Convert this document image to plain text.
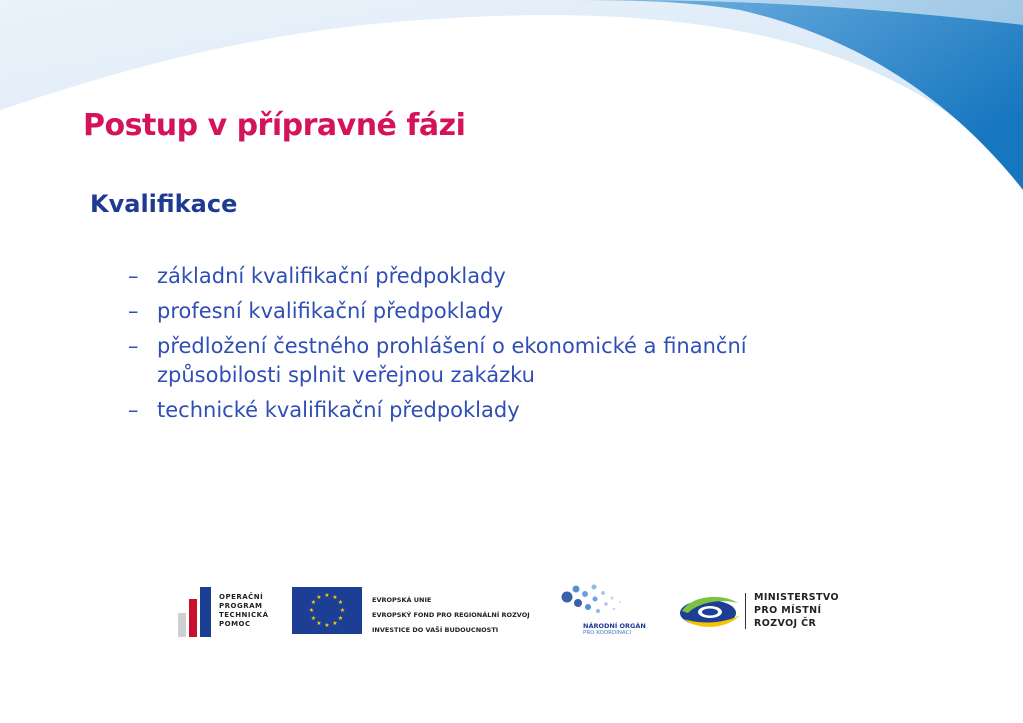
Postup v přípravné fázi
Kvalifikace
– základní kvalifikační předpoklady
– profesní kvalifikační předpoklady
– předložení čestného prohlášení o ekonomické a finanční způsobilosti splnit veřejnou zakázku
– technické kvalifikační předpoklady
OPERAČNÍ
PROGRAM
TECHNICKÁ
POMOC
★ ★
★
★
★
★
★
★
★
★
★
★	EVROPSKÁ UNIE
EVROPSKÝ FOND PRO REGIONÁLNÍ ROZVOJ
INVESTICE DO VAŠÍ BUDOUCNOSTI	NÁRODNÍ ORGÁN
PRO KOORDINACI
MINISTERSTVO
PRO MÍSTNÍ
ROZVOJ ČR
